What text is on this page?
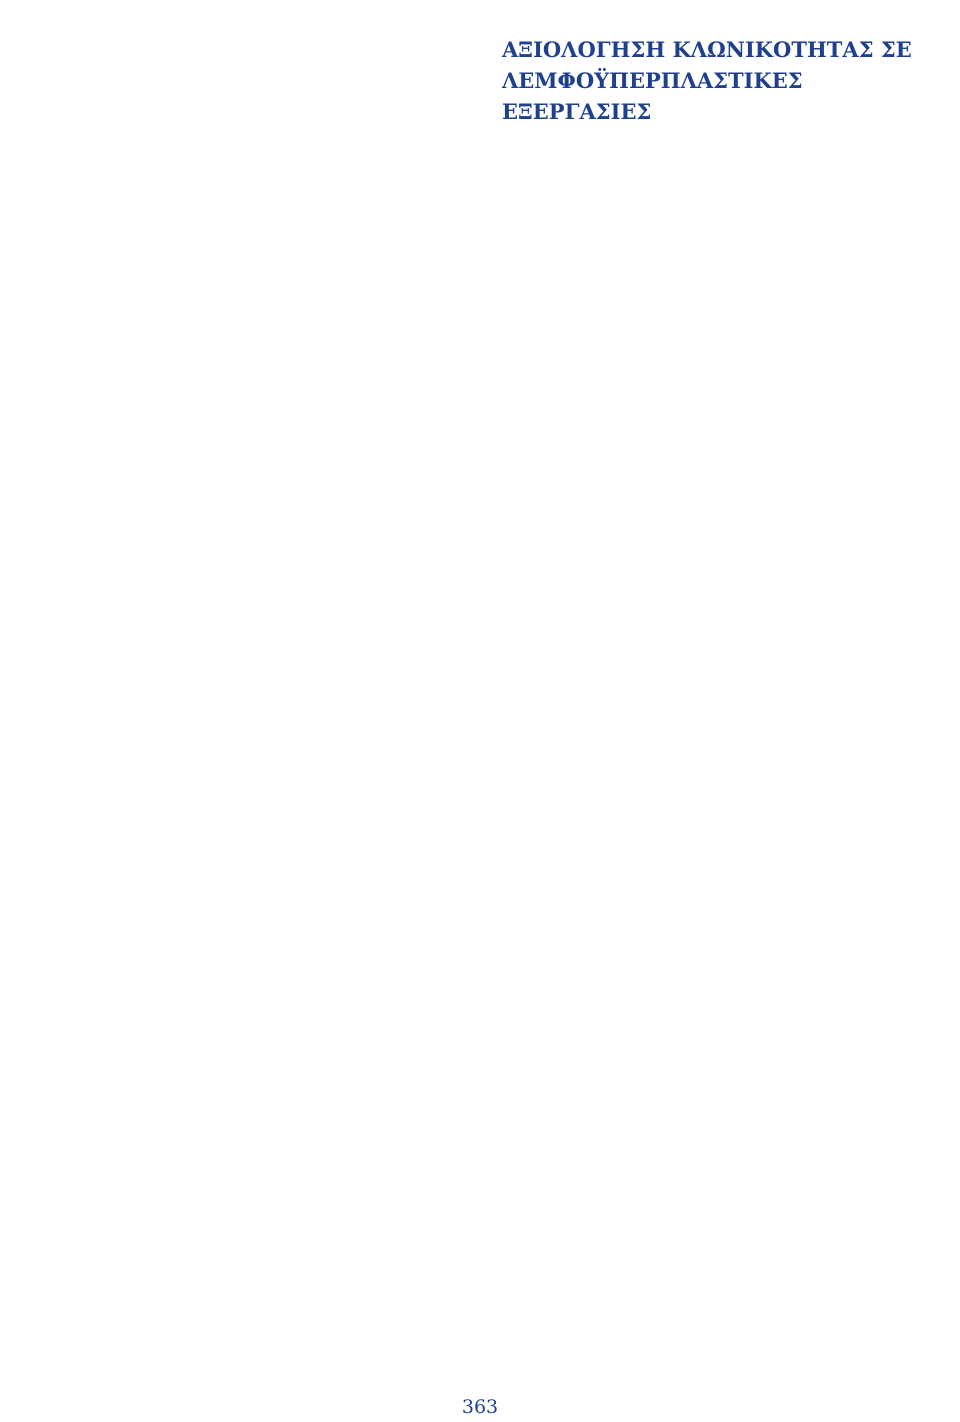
ΑΞΙΟΛΟΓΗΣΗ ΚΛΩΝΙΚΟΤΗΤΑΣ ΣΕ ΛΕΜΦΟΫΠΕΡΠΛΑΣΤΙΚΕΣ ΕΞΕΡΓΑΣΙΕΣ
363
